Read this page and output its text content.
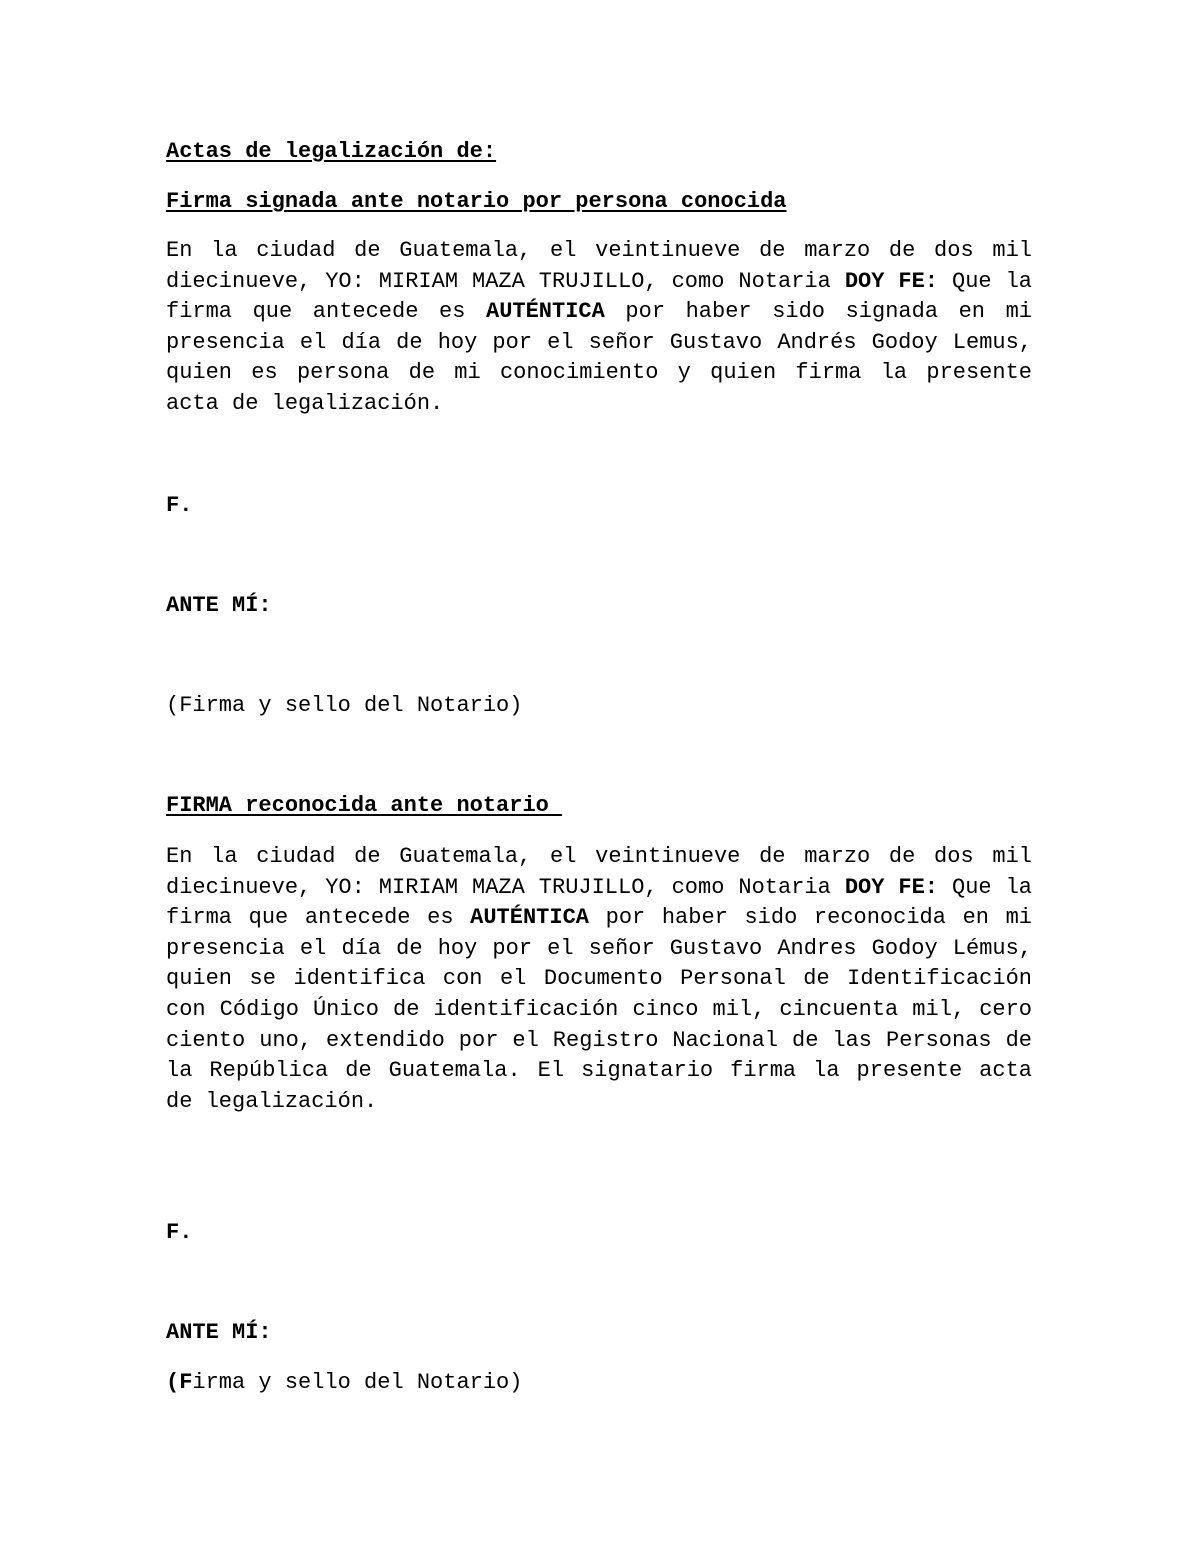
Actas de legalización de:
Firma signada ante notario por persona conocida

En la ciudad de Guatemala, el veintinueve de marzo de dos mil diecinueve, YO: MIRIAM MAZA TRUJILLO, como Notaria DOY FE: Que la firma que antecede es AUTÉNTICA por haber sido signada en mi presencia el día de hoy por el señor Gustavo Andrés Godoy Lemus, quien es persona de mi conocimiento y quien firma la presente acta de legalización.

F.
ANTE MÍ:
(Firma y sello del Notario)
FIRMA reconocida ante notario

En la ciudad de Guatemala, el veintinueve de marzo de dos mil diecinueve, YO: MIRIAM MAZA TRUJILLO, como Notaria DOY FE: Que la firma que antecede es AUTÉNTICA por haber sido reconocida en mi presencia el día de hoy por el señor Gustavo Andres Godoy Lémus, quien se identifica con el Documento Personal de Identificación con Código Único de identificación cinco mil, cincuenta mil, cero ciento uno, extendido por el Registro Nacional de las Personas de la República de Guatemala. El signatario firma la presente acta de legalización.

F.
ANTE MÍ:
(Firma y sello del Notario)
